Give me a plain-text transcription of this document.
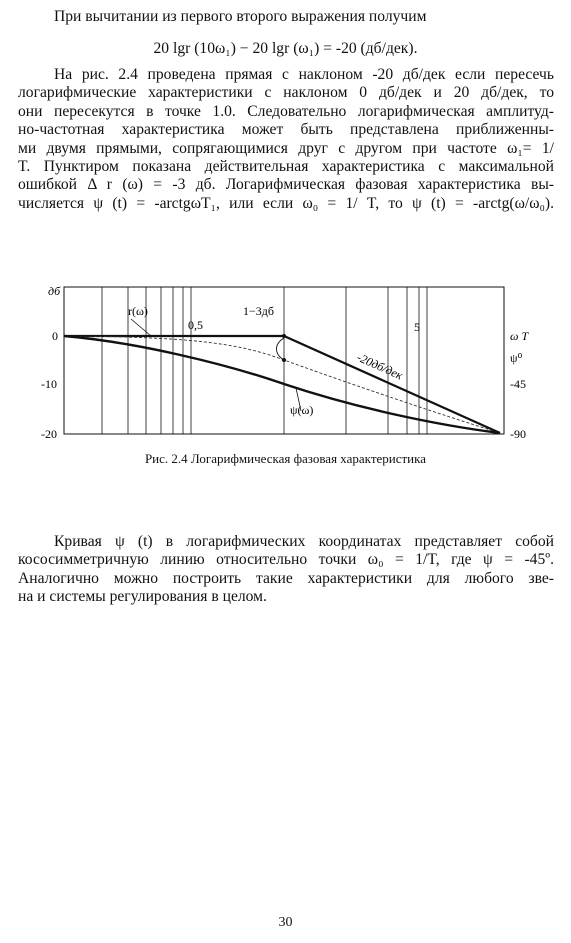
При вычитании из первого второго выражения получим
20 lgr (10ω₁) − 20 lgr (ω₁) = -20 (дб/дек).
На рис. 2.4 проведена прямая с наклоном -20 дб/дек если пересечь
логарифмические характеристики с наклоном 0 дб/дек и 20 дб/дек, то
они пересекутся в точке 1.0. Следовательно логарифмическая амплитуд-
но-частотная характеристика может быть представлена приближенны-
ми двумя прямыми, сопрягающимися друг с другом при частоте ω₁= 1/
T. Пунктиром показана действительная характеристика с максимальной
ошибкой Δ r (ω) = -3 дб. Логарифмическая фазовая характеристика вы-
числяется ψ (t) = -arctgωT₁, или если ω₀ = 1/ T, то ψ (t) = -arctg(ω/ω₀).
дб
0
-10
-20
ω T
ψ⁰
-45
-90
r(ω)
0,5
1−3дб
5
-20дб/дек
ψ(ω)
Рис. 2.4 Логарифмическая фазовая характеристика
Кривая ψ (t) в логарифмических координатах представляет собой
кососимметричную линию относительно точки ω₀ = 1/T, где ψ = -45º.
Аналогично можно построить такие характеристики для любого зве-
на и системы регулирования в целом.
30
